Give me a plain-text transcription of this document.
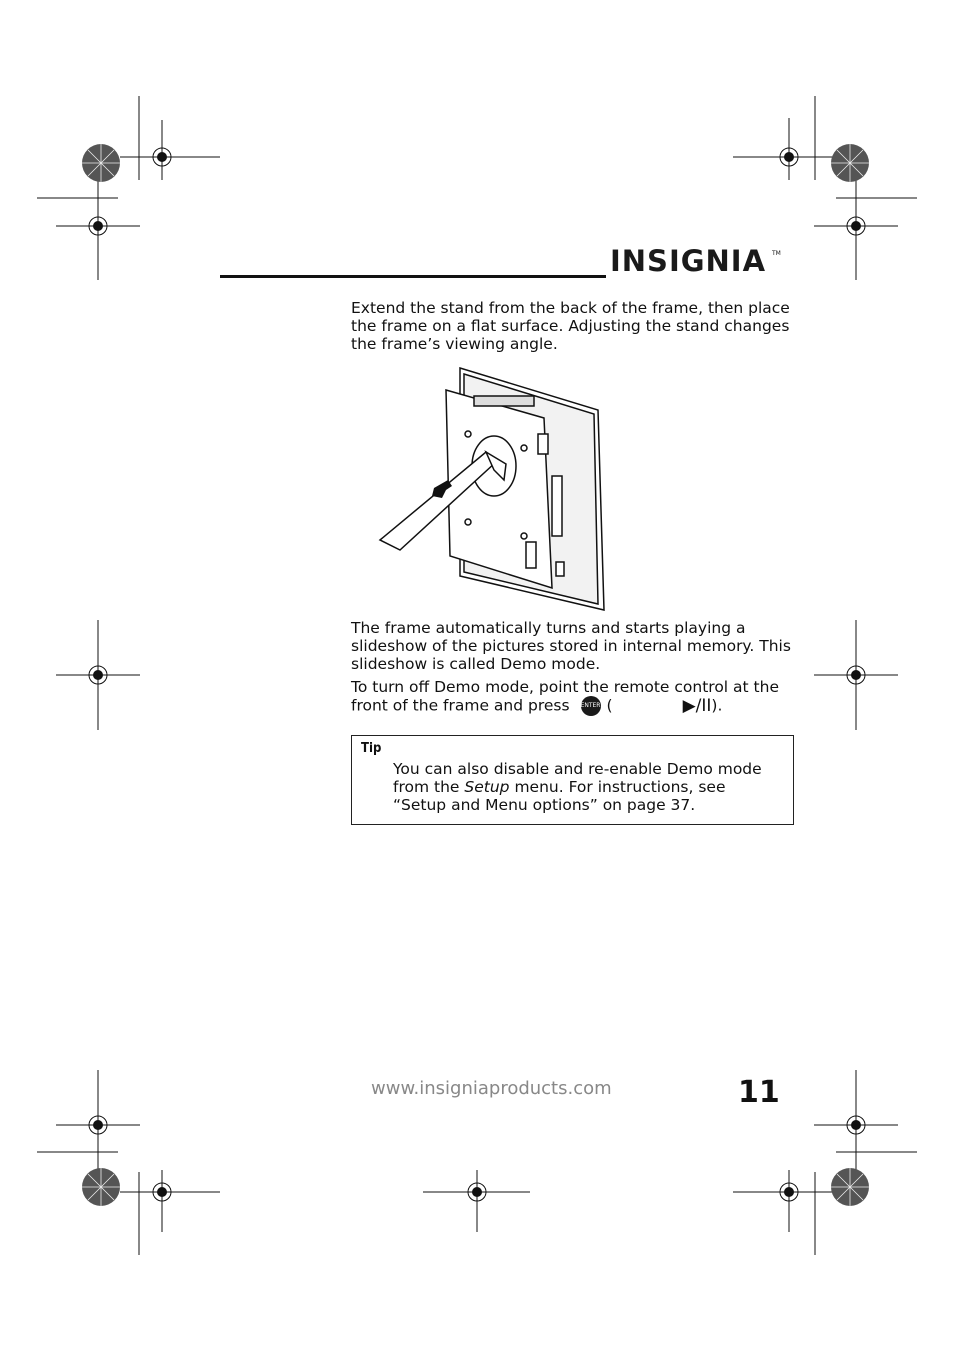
INSIGNIA TM
Extend the stand from the back of the frame, then place the frame on a flat surface. Adjusting the stand changes the frame’s viewing angle.
The frame automatically turns and starts playing a slideshow of the pictures stored in internal memory. This slideshow is called Demo mode.
To turn off Demo mode, point the remote control at the front of the frame and press ENTER (	▶/II).
Tip
You can also disable and re-enable Demo mode from the Setup menu. For instructions, see “Setup and Menu options” on page 37.
www.insigniaproducts.com	11
